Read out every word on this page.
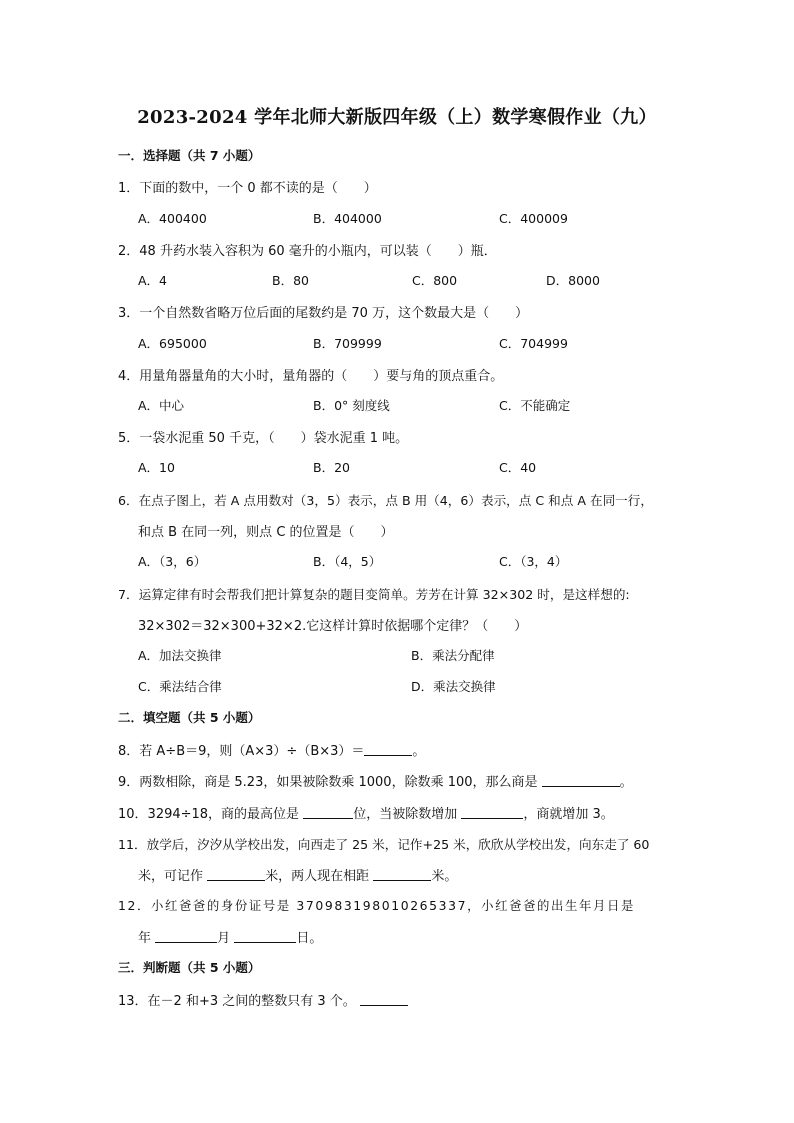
2023-2024 学年北师大新版四年级（上）数学寒假作业（九）
一．选择题（共 7 小题）
1．下面的数中，一个 0 都不读的是（　　）
A．400400	B．404000	C．400009
2．48 升药水装入容积为 60 毫升的小瓶内，可以装（　　）瓶．
A．4	B．80	C．800	D．8000
3．一个自然数省略万位后面的尾数约是 70 万，这个数最大是（　　）
A．695000	B．709999	C．704999
4．用量角器量角的大小时，量角器的（　　）要与角的顶点重合。
A．中心	B．0° 刻度线	C．不能确定
5．一袋水泥重 50 千克，（　　）袋水泥重 1 吨。
A．10	B．20	C．40
6．在点子图上，若 A 点用数对（3，5）表示，点 B 用（4，6）表示，点 C 和点 A 在同一行，
和点 B 在同一列，则点 C 的位置是（　　）
A．（3，6）	B．（4，5）	C．（3，4）
7．运算定律有时会帮我们把计算复杂的题目变简单。芳芳在计算 32×302 时，是这样想的:
32×302＝32×300+32×2.它这样计算时依据哪个定律？（　　）
A．加法交换律	B．乘法分配律
C．乘法结合律	D．乘法交换律
二．填空题（共 5 小题）
8．若 A÷B＝9，则（A×3）÷（B×3）＝	。
9．两数相除，商是 5.23，如果被除数乘 1000，除数乘 100，那么商是	。
10．3294÷18，商的最高位是	位，当被除数增加	，商就增加 3。
11．放学后，汐汐从学校出发，向西走了 25 米，记作+25 米，欣欣从学校出发，向东走了 60
米，可记作	米，两人现在相距	米。
12．小红爸爸的身份证号是 370983198010265337，小红爸爸的出生年月日是
年	月	日。
三．判断题（共 5 小题）
13．在－2 和+3 之间的整数只有 3 个。
